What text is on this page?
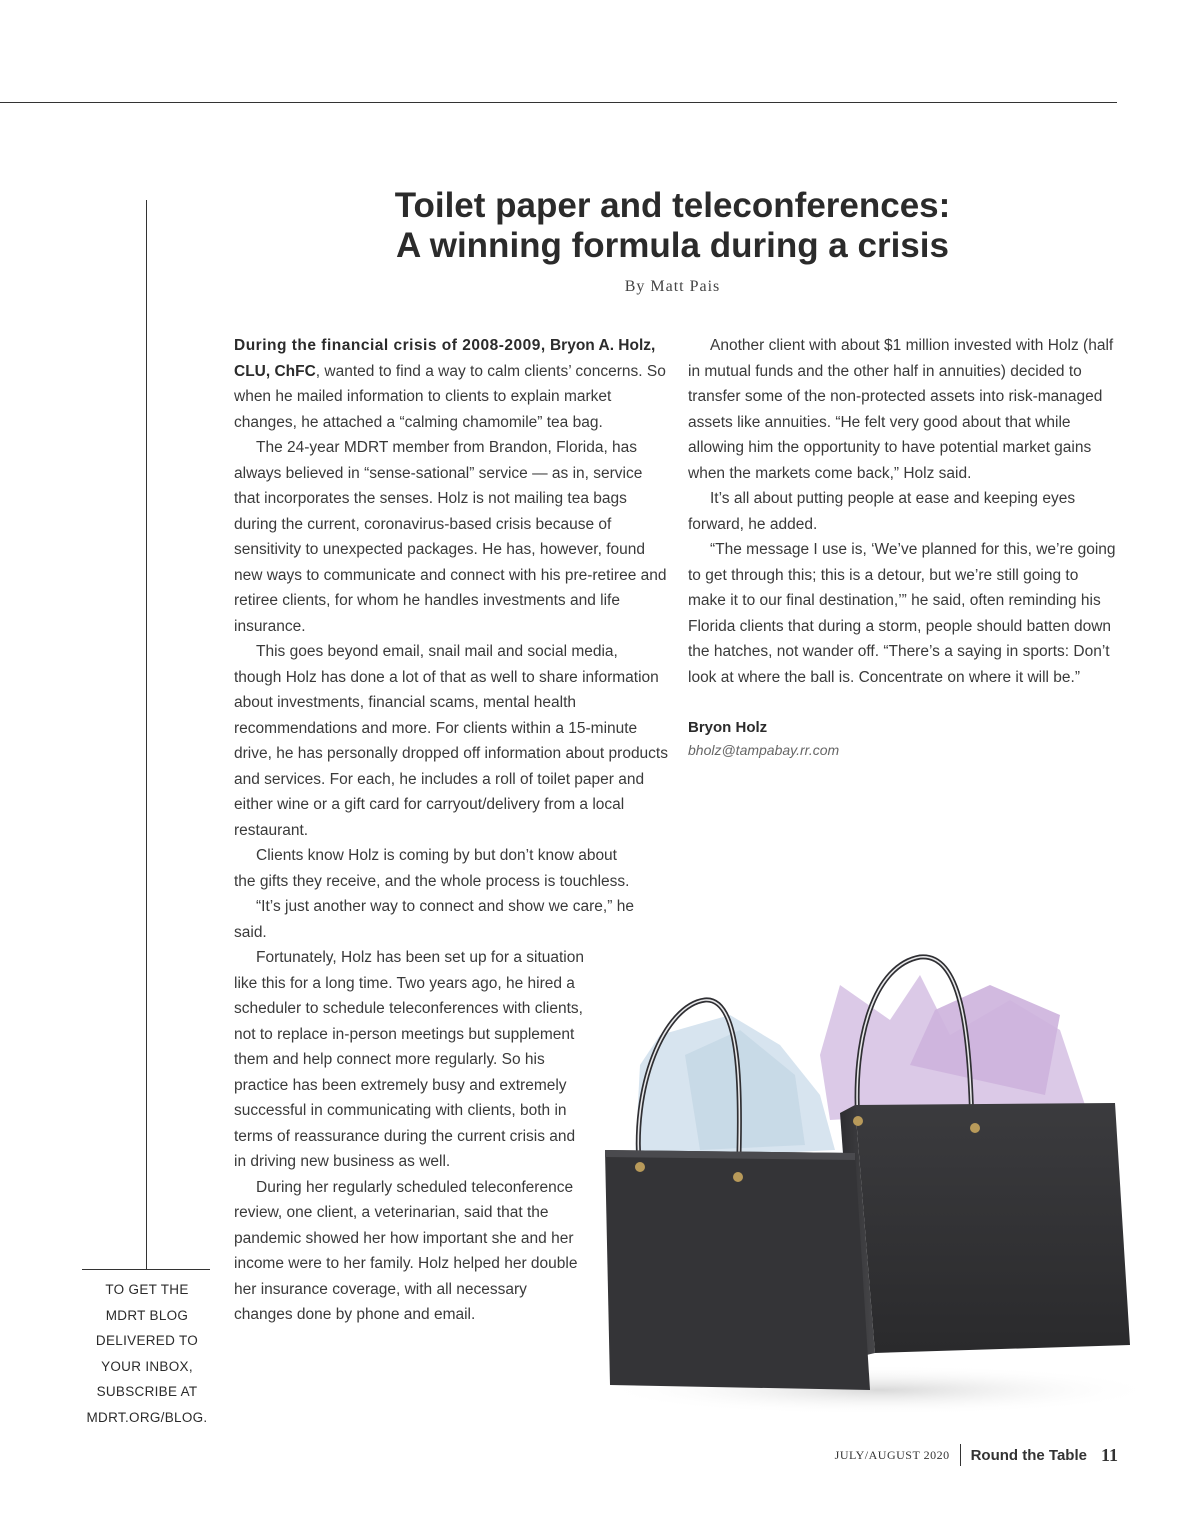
Toilet paper and teleconferences:
A winning formula during a crisis
By Matt Pais

During the financial crisis of 2008-2009, Bryon A. Holz, CLU, ChFC, wanted to find a way to calm clients’ concerns. So when he mailed information to clients to explain market changes, he attached a “calming chamomile” tea bag.

The 24-year MDRT member from Brandon, Florida, has always believed in “sense-sational” service — as in, service that incorporates the senses. Holz is not mailing tea bags during the current, coronavirus-based crisis because of sensitivity to unexpected packages. He has, however, found new ways to communicate and connect with his pre-retiree and retiree clients, for whom he handles investments and life insurance.

This goes beyond email, snail mail and social media, though Holz has done a lot of that as well to share information about investments, financial scams, mental health recommendations and more. For clients within a 15-minute drive, he has personally dropped off information about products and services. For each, he includes a roll of toilet paper and either wine or a gift card for carryout/delivery from a local restaurant.

Clients know Holz is coming by but don’t know about the gifts they receive, and the whole process is touchless.

“It’s just another way to connect and show we care,” he said.

Fortunately, Holz has been set up for a situation like this for a long time. Two years ago, he hired a scheduler to schedule teleconferences with clients, not to replace in-person meetings but supplement them and help connect more regularly. So his practice has been extremely busy and extremely successful in communicating with clients, both in terms of reassurance during the current crisis and in driving new business as well.

During her regularly scheduled teleconference review, one client, a veterinarian, said that the pandemic showed her how important she and her income were to her family. Holz helped her double her insurance coverage, with all necessary changes done by phone and email.

Another client with about $1 million invested with Holz (half in mutual funds and the other half in annuities) decided to transfer some of the non-protected assets into risk-managed assets like annuities. “He felt very good about that while allowing him the opportunity to have potential market gains when the markets come back,” Holz said.

It’s all about putting people at ease and keeping eyes forward, he added.

“The message I use is, ‘We’ve planned for this, we’re going to get through this; this is a detour, but we’re still going to make it to our final destination,’” he said, often reminding his Florida clients that during a storm, people should batten down the hatches, not wander off. “There’s a saying in sports: Don’t look at where the ball is. Concentrate on where it will be.”

Bryon Holz
bholz@tampabay.rr.com
TO GET THE
MDRT BLOG
DELIVERED TO
YOUR INBOX,
SUBSCRIBE AT
MDRT.ORG/BLOG.
JULY/AUGUST 2020 Round the Table 11
